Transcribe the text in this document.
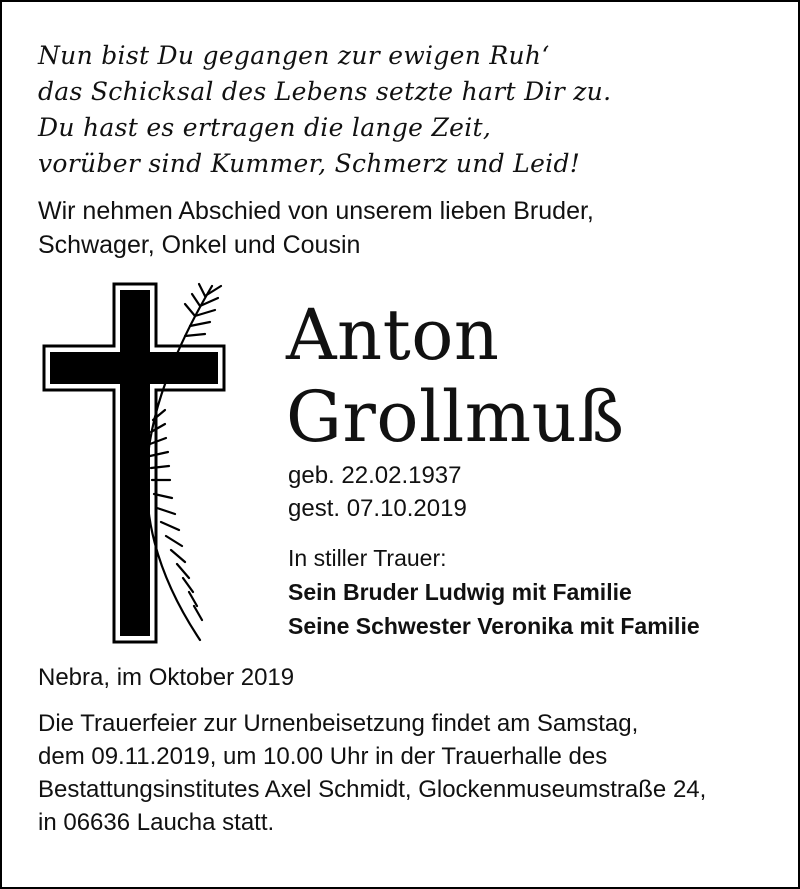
Nun bist Du gegangen zur ewigen Ruh‘
das Schicksal des Lebens setzte hart Dir zu.
Du hast es ertragen die lange Zeit,
vorüber sind Kummer, Schmerz und Leid!
Wir nehmen Abschied von unserem lieben Bruder,
Schwager, Onkel und Cousin
Anton
Grollmuß
geb. 22.02.1937
gest. 07.10.2019
In stiller Trauer:
Sein Bruder Ludwig mit Familie
Seine Schwester Veronika mit Familie
Nebra, im Oktober 2019
Die Trauerfeier zur Urnenbeisetzung findet am Samstag,
dem 09.11.2019, um 10.00 Uhr in der Trauerhalle des
Bestattungsinstitutes Axel Schmidt, Glockenmuseumstraße 24,
in 06636 Laucha statt.
